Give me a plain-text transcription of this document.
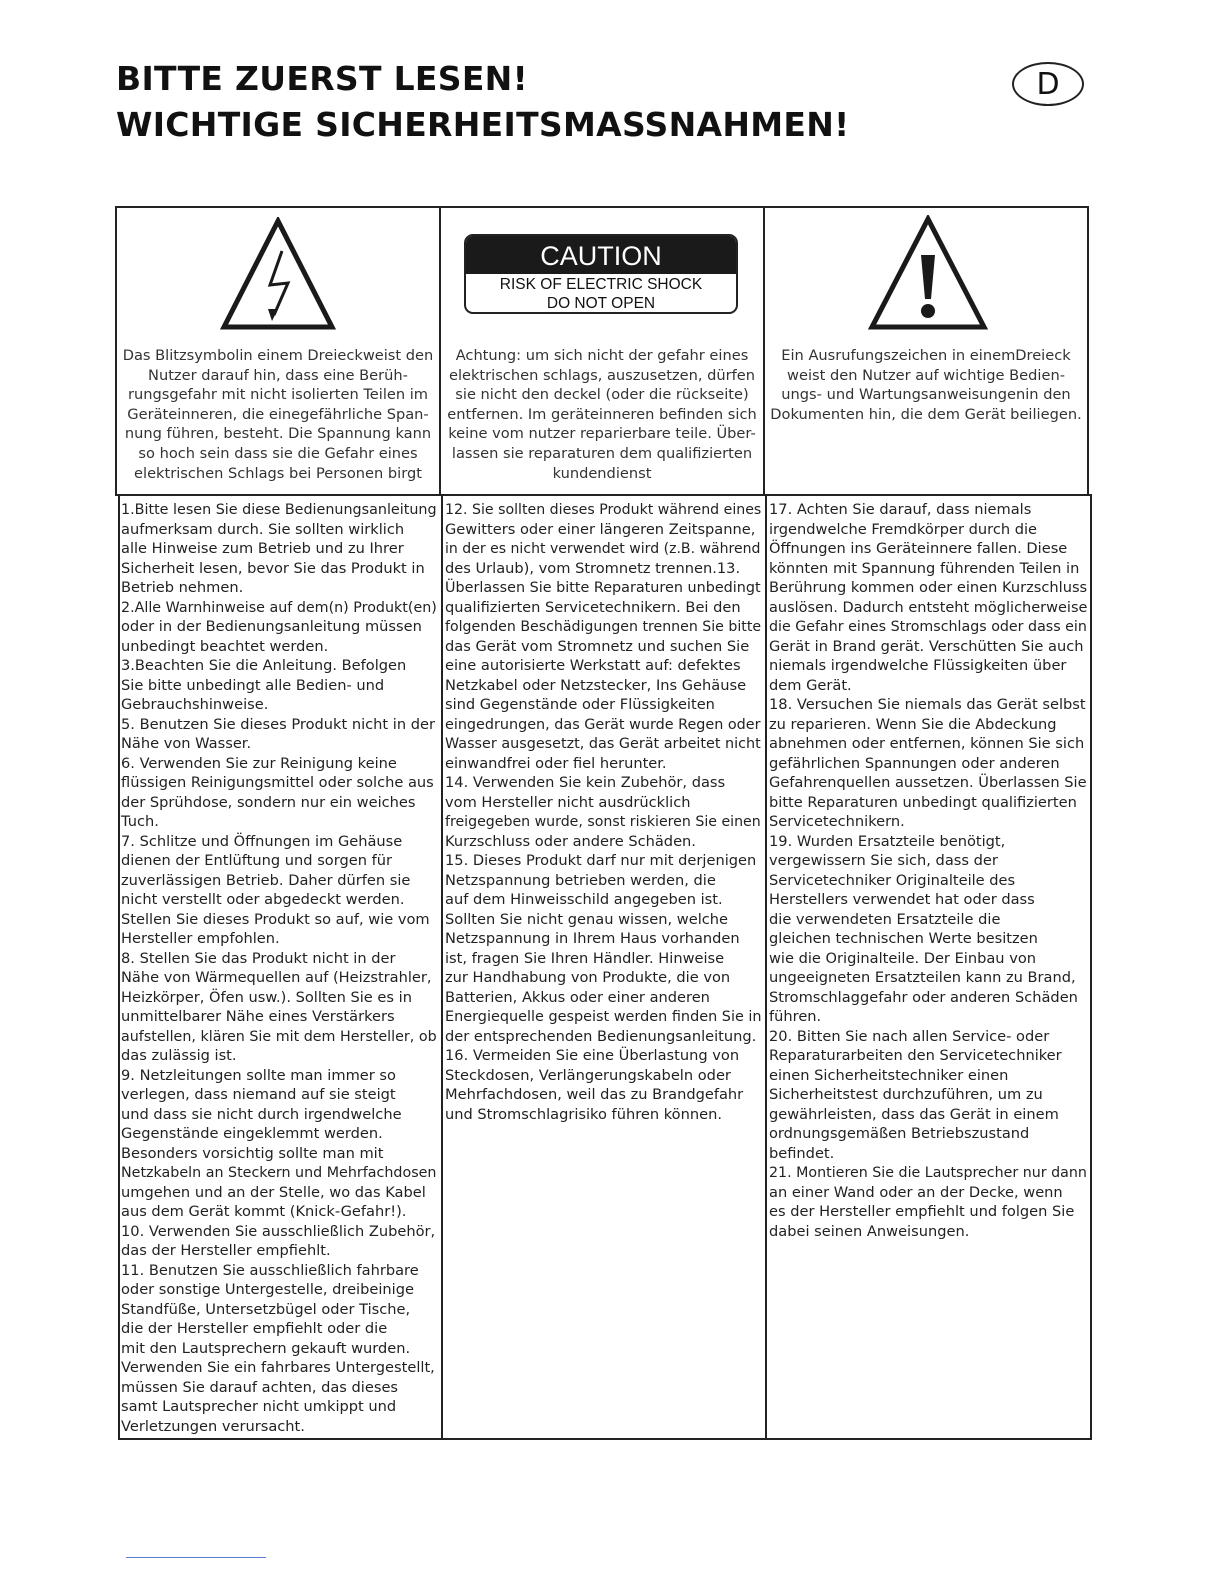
BITTE ZUERST LESEN!
WICHTIGE SICHERHEITSMASSNAHMEN!
D
CAUTION
RISK OF ELECTRIC SHOCK
DO NOT OPEN
Das Blitzsymbolin einem Dreieckweist den
Nutzer darauf hin, dass eine Berüh-
rungsgefahr mit nicht isolierten Teilen im
Geräteinneren, die einegefährliche Span-
nung führen, besteht. Die Spannung kann
so hoch sein dass sie die Gefahr eines
elektrischen Schlags bei Personen birgt
Achtung: um sich nicht der gefahr eines
elektrischen schlags, auszusetzen, dürfen
sie nicht den deckel (oder die rückseite)
entfernen. Im geräteinneren befinden sich
keine vom nutzer reparierbare teile. Über-
lassen sie reparaturen dem qualifizierten
kundendienst
Ein Ausrufungszeichen in einemDreieck
weist den Nutzer auf wichtige Bedien-
ungs- und Wartungsanweisungenin den
Dokumenten hin, die dem Gerät beiliegen.
1.Bitte lesen Sie diese Bedienungsanleitung
aufmerksam durch. Sie sollten wirklich
alle Hinweise zum Betrieb und zu Ihrer
Sicherheit lesen, bevor Sie das Produkt in
Betrieb nehmen.
2.Alle Warnhinweise auf dem(n) Produkt(en)
oder in der Bedienungsanleitung müssen
unbedingt beachtet werden.
3.Beachten Sie die Anleitung. Befolgen
Sie bitte unbedingt alle Bedien- und
Gebrauchshinweise.
5. Benutzen Sie dieses Produkt nicht in der
Nähe von Wasser.
6. Verwenden Sie zur Reinigung keine
flüssigen Reinigungsmittel oder solche aus
der Sprühdose, sondern nur ein weiches
Tuch.
7. Schlitze und Öffnungen im Gehäuse
dienen der Entlüftung und sorgen für
zuverlässigen Betrieb. Daher dürfen sie
nicht verstellt oder abgedeckt werden.
Stellen Sie dieses Produkt so auf, wie vom
Hersteller empfohlen.
8. Stellen Sie das Produkt nicht in der
Nähe von Wärmequellen auf (Heizstrahler,
Heizkörper, Öfen usw.). Sollten Sie es in
unmittelbarer Nähe eines Verstärkers
aufstellen, klären Sie mit dem Hersteller, ob
das zulässig ist.
9. Netzleitungen sollte man immer so
verlegen, dass niemand auf sie steigt
und dass sie nicht durch irgendwelche
Gegenstände eingeklemmt werden.
Besonders vorsichtig sollte man mit
Netzkabeln an Steckern und Mehrfachdosen
umgehen und an der Stelle, wo das Kabel
aus dem Gerät kommt (Knick-Gefahr!).
10. Verwenden Sie ausschließlich Zubehör,
das der Hersteller empfiehlt.
11. Benutzen Sie ausschließlich fahrbare
oder sonstige Untergestelle, dreibeinige
Standfüße, Untersetzbügel oder Tische,
die der Hersteller empfiehlt oder die
mit den Lautsprechern gekauft wurden.
Verwenden Sie ein fahrbares Untergestellt,
müssen Sie darauf achten, das dieses
samt Lautsprecher nicht umkippt und
Verletzungen verursacht.
12. Sie sollten dieses Produkt während eines
Gewitters oder einer längeren Zeitspanne,
in der es nicht verwendet wird (z.B. während
des Urlaub), vom Stromnetz trennen.13.
Überlassen Sie bitte Reparaturen unbedingt
qualifizierten Servicetechnikern. Bei den
folgenden Beschädigungen trennen Sie bitte
das Gerät vom Stromnetz und suchen Sie
eine autorisierte Werkstatt auf: defektes
Netzkabel oder Netzstecker, Ins Gehäuse
sind Gegenstände oder Flüssigkeiten
eingedrungen, das Gerät wurde Regen oder
Wasser ausgesetzt, das Gerät arbeitet nicht
einwandfrei oder fiel herunter.
14. Verwenden Sie kein Zubehör, dass
vom Hersteller nicht ausdrücklich
freigegeben wurde, sonst riskieren Sie einen
Kurzschluss oder andere Schäden.
15. Dieses Produkt darf nur mit derjenigen
Netzspannung betrieben werden, die
auf dem Hinweisschild angegeben ist.
Sollten Sie nicht genau wissen, welche
Netzspannung in Ihrem Haus vorhanden
ist, fragen Sie Ihren Händler. Hinweise
zur Handhabung von Produkte, die von
Batterien, Akkus oder einer anderen
Energiequelle gespeist werden finden Sie in
der entsprechenden Bedienungsanleitung.
16. Vermeiden Sie eine Überlastung von
Steckdosen, Verlängerungskabeln oder
Mehrfachdosen, weil das zu Brandgefahr
und Stromschlagrisiko führen können.
17. Achten Sie darauf, dass niemals
irgendwelche Fremdkörper durch die
Öffnungen ins Geräteinnere fallen. Diese
könnten mit Spannung führenden Teilen in
Berührung kommen oder einen Kurzschluss
auslösen. Dadurch entsteht möglicherweise
die Gefahr eines Stromschlags oder dass ein
Gerät in Brand gerät. Verschütten Sie auch
niemals irgendwelche Flüssigkeiten über
dem Gerät.
18. Versuchen Sie niemals das Gerät selbst
zu reparieren. Wenn Sie die Abdeckung
abnehmen oder entfernen, können Sie sich
gefährlichen Spannungen oder anderen
Gefahrenquellen aussetzen. Überlassen Sie
bitte Reparaturen unbedingt qualifizierten
Servicetechnikern.
19. Wurden Ersatzteile benötigt,
vergewissern Sie sich, dass der
Servicetechniker Originalteile des
Herstellers verwendet hat oder dass
die verwendeten Ersatzteile die
gleichen technischen Werte besitzen
wie die Originalteile. Der Einbau von
ungeeigneten Ersatzteilen kann zu Brand,
Stromschlaggefahr oder anderen Schäden
führen.
20. Bitten Sie nach allen Service- oder
Reparaturarbeiten den Servicetechniker
einen Sicherheitstechniker einen
Sicherheitstest durchzuführen, um zu
gewährleisten, dass das Gerät in einem
ordnungsgemäßen Betriebszustand
befindet.
21. Montieren Sie die Lautsprecher nur dann
an einer Wand oder an der Decke, wenn
es der Hersteller empfiehlt und folgen Sie
dabei seinen Anweisungen.
